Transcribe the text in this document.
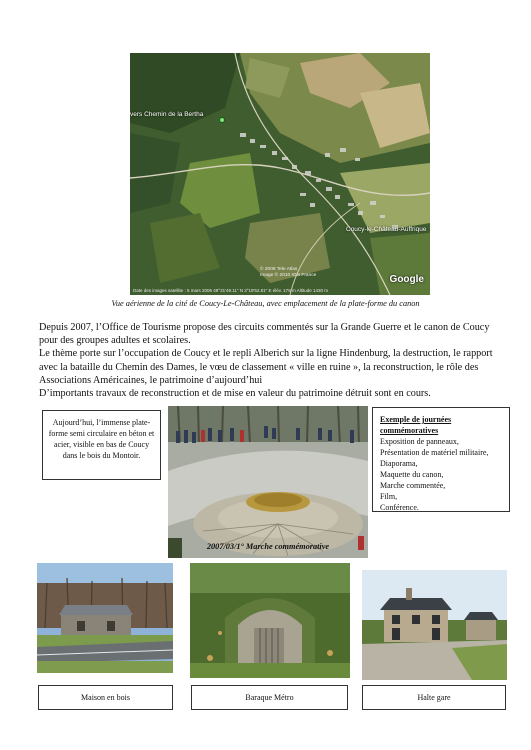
vers Chemin de la Bertha
Coucy-le-Château-Auffrique
© 2008 Tele Atlas
Image © 2010 IGN France	Google
Date des images satellite : 5 mars 2006 49°31'49.11" N 3°19'52.81" E élév. 176 m Altitude 1430 m
Vue aérienne de la cité de Coucy-Le-Château, avec emplacement de la plate-forme du canon

Depuis 2007, l’Office de Tourisme propose des circuits commentés sur la Grande Guerre et le canon de Coucy pour des groupes adultes et scolaires.

Le thème porte sur l’occupation de Coucy et le repli Alberich sur la ligne Hindenburg, la destruction, le rapport avec la bataille du Chemin des Dames, le vœu de classement « ville en ruine », la reconstruction, le rôle des Associations Américaines, le patrimoine d’aujourd’hui

D’importants travaux de reconstruction et de mise en valeur du patrimoine détruit sont en cours.

Aujourd’hui, l’immense plate-forme semi circulaire en béton et acier, visible en bas de Coucy dans le bois du Montoir.
2007/03/1° Marche commémorative
Exemple de journées commémoratives
Exposition de panneaux,
Présentation de matériel militaire,
Diaporama,
Maquette du canon,
Marche commentée,
Film,
Conférence.
Maison en bois	Baraque Métro	Halte gare
